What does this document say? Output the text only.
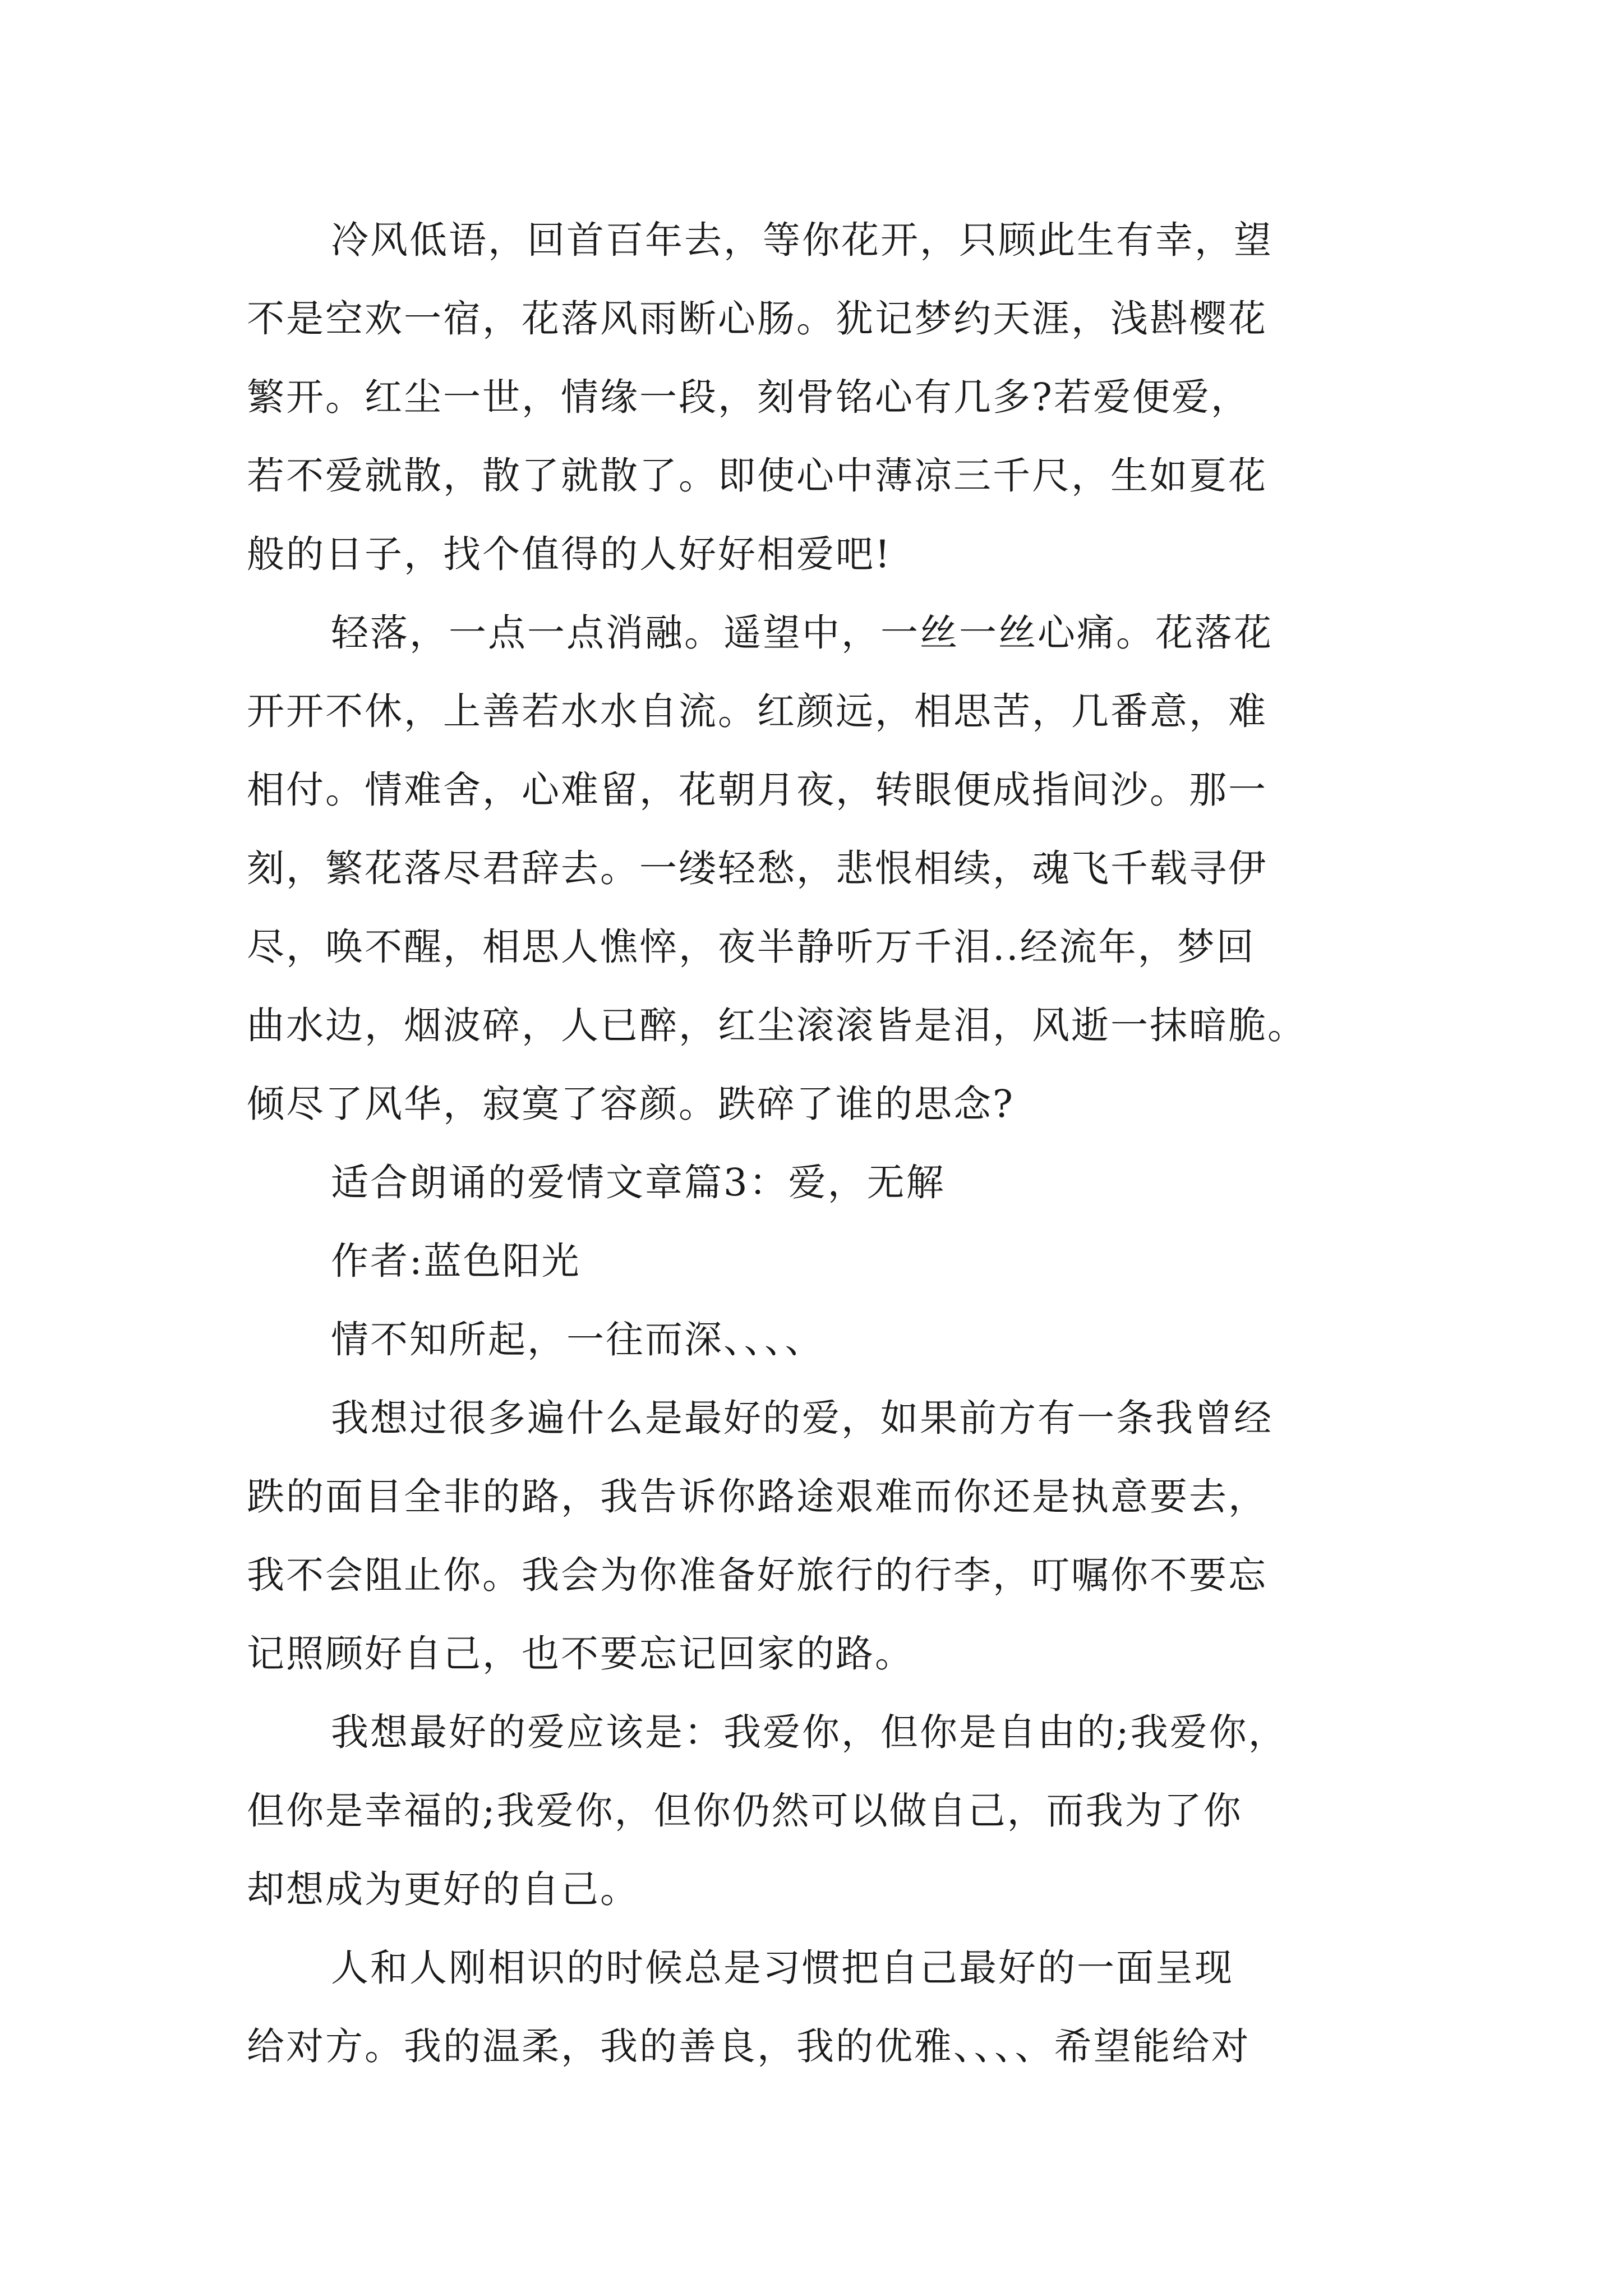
冷风低语，回首百年去，等你花开，只顾此生有幸，望
不是空欢一宿，花落风雨断心肠。犹记梦约天涯，浅斟樱花
繁开。红尘一世，情缘一段，刻骨铭心有几多?若爱便爱，
若不爱就散，散了就散了。即使心中薄凉三千尺，生如夏花
般的日子，找个值得的人好好相爱吧!
轻落，一点一点消融。遥望中，一丝一丝心痛。花落花
开开不休，上善若水水自流。红颜远，相思苦，几番意，难
相付。情难舍，心难留，花朝月夜，转眼便成指间沙。那一
刻，繁花落尽君辞去。一缕轻愁，悲恨相续，魂飞千载寻伊
尽，唤不醒，相思人憔悴，夜半静听万千泪..经流年，梦回
曲水边，烟波碎，人已醉，红尘滚滚皆是泪，风逝一抹暗脆。
倾尽了风华，寂寞了容颜。跌碎了谁的思念?
适合朗诵的爱情文章篇3：爱，无解
作者:蓝色阳光
情不知所起，一往而深、、、、
我想过很多遍什么是最好的爱，如果前方有一条我曾经
跌的面目全非的路，我告诉你路途艰难而你还是执意要去，
我不会阻止你。我会为你准备好旅行的行李，叮嘱你不要忘
记照顾好自己，也不要忘记回家的路。
我想最好的爱应该是：我爱你，但你是自由的;我爱你，
但你是幸福的;我爱你，但你仍然可以做自己，而我为了你
却想成为更好的自己。
人和人刚相识的时候总是习惯把自己最好的一面呈现
给对方。我的温柔，我的善良，我的优雅、、、、希望能给对
